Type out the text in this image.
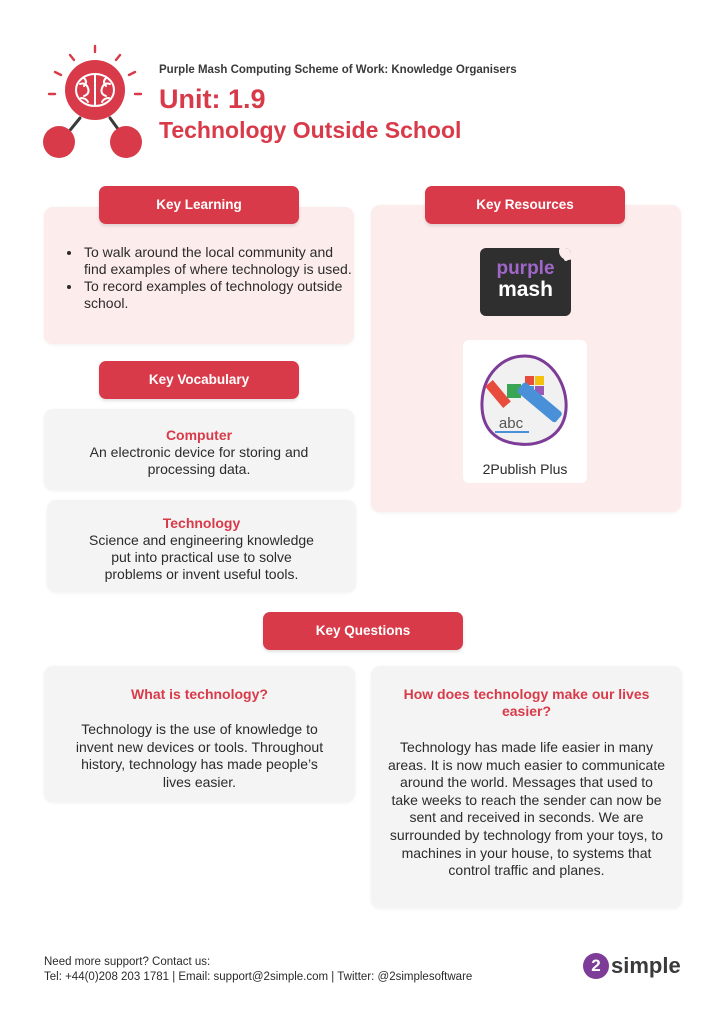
Purple Mash Computing Scheme of Work: Knowledge Organisers
Unit: 1.9
Technology Outside School
• To walk around the local community and find examples of where technology is used.
• To record examples of technology outside school.
Key Learning	Key Resources
purple
mash
abc
2Publish Plus
Key Vocabulary
Computer
An electronic device for storing and processing data.
Technology
Science and engineering knowledge put into practical use to solve problems or invent useful tools.
Key Questions
What is technology?
Technology is the use of knowledge to invent new devices or tools. Throughout history, technology has made people’s lives easier.
How does technology make our lives easier?
Technology has made life easier in many areas. It is now much easier to communicate around the world. Messages that used to take weeks to reach the sender can now be sent and received in seconds. We are surrounded by technology from your toys, to machines in your house, to systems that control traffic and planes.
Need more support? Contact us:
Tel: +44(0)208 203 1781 | Email: support@2simple.com | Twitter: @2simplesoftware
2 simple
